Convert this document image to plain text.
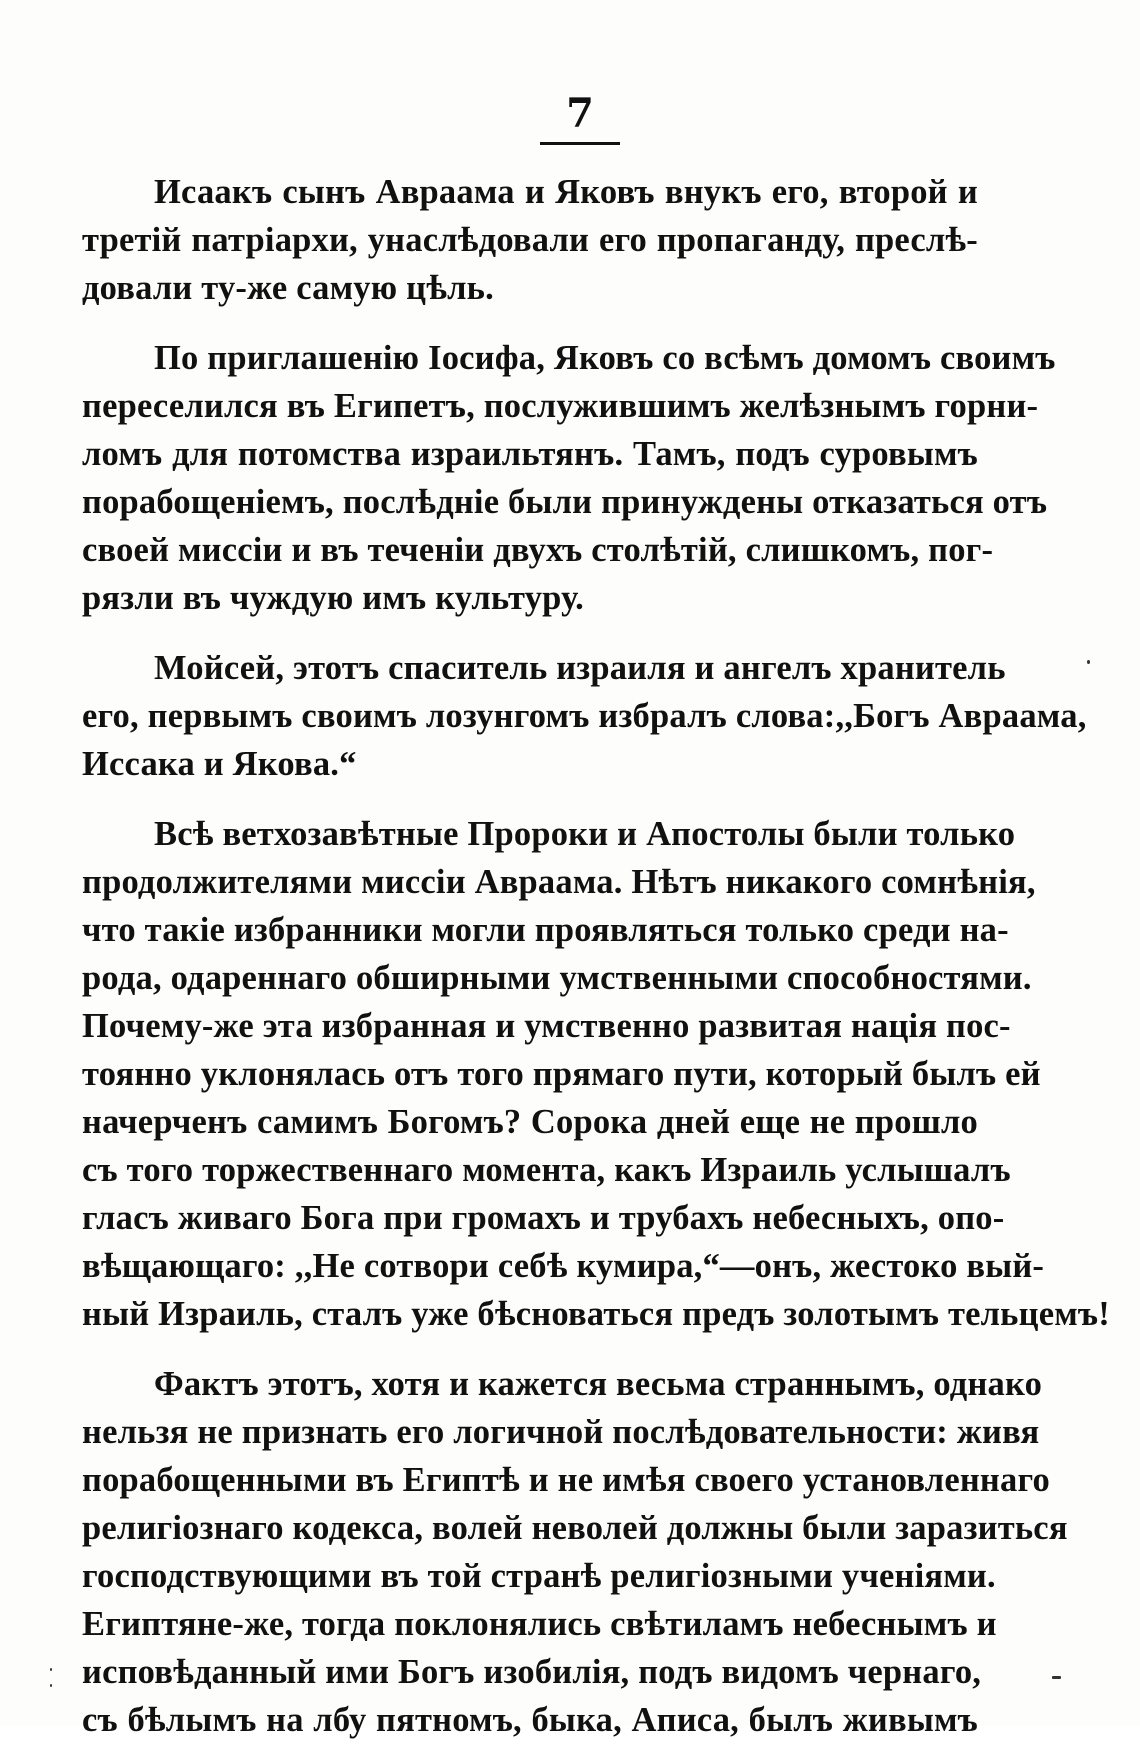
7
Исаакъ сынъ Авраама и Яковъ внукъ его, второй и
третій патріархи, унаслѣдовали его пропаганду, преслѣ-
довали ту-же самую цѣль.
По приглашенію Іосифа, Яковъ со всѣмъ домомъ своимъ
переселился въ Египетъ, послужившимъ желѣзнымъ горни-
ломъ для потомства израильтянъ. Тамъ, подъ суровымъ
порабощеніемъ, послѣдніе были принуждены отказаться отъ
своей миссіи и въ теченіи двухъ столѣтій, слишкомъ, пог-
рязли въ чуждую имъ культуру.
Мойсей, этотъ спаситель израиля и ангелъ хранитель
его, первымъ своимъ лозунгомъ избралъ слова:,,Богъ Авраама,
Иссака и Якова.“
Всѣ ветхозавѣтные Пророки и Апостолы были только
продолжителями миссіи Авраама. Нѣтъ никакого сомнѣнія,
что такіе избранники могли проявляться только среди на-
рода, одареннаго обширными умственными способностями.
Почему-же эта избранная и умственно развитая нація пос-
тоянно уклонялась отъ того прямаго пути, который былъ ей
начерченъ самимъ Богомъ? Сорока дней еще не прошло
съ того торжественнаго момента, какъ Израиль услышалъ
гласъ живаго Бога при громахъ и трубахъ небесныхъ, опо-
вѣщающаго: ,,Не сотвори себѣ кумира,“—онъ, жестоко вый-
ный Израиль, сталъ уже бѣсноваться предъ золотымъ тельцемъ!
Фактъ этотъ, хотя и кажется весьма страннымъ, однако
нельзя не признать его логичной послѣдовательности: живя
порабощенными въ Египтѣ и не имѣя своего установленнаго
религіознаго кодекса, волей неволей должны были заразиться
господствующими въ той странѣ религіозными ученіями.
Египтяне-же, тогда поклонялись свѣтиламъ небеснымъ и
исповѣданный ими Богъ изобилія, подъ видомъ чернаго,
съ бѣлымъ на лбу пятномъ, быка, Аписа, былъ живымъ
